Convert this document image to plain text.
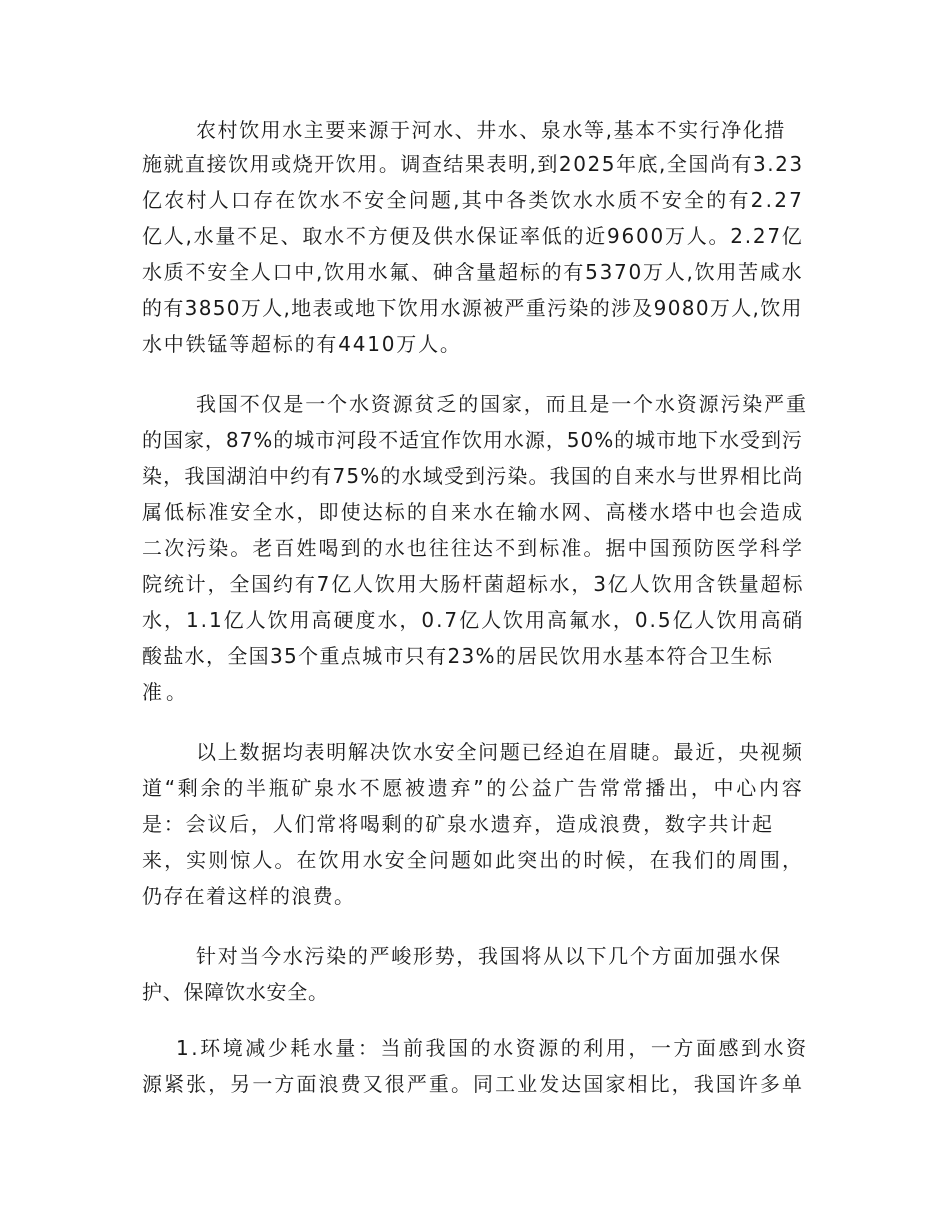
农村饮用水主要来源于河水、井水、泉水等,基本不实行净化措
施就直接饮用或烧开饮用。调查结果表明,到2025年底,全国尚有3.23
亿农村人口存在饮水不安全问题,其中各类饮水水质不安全的有2.27
亿人,水量不足、取水不方便及供水保证率低的近9600万人。2.27亿
水质不安全人口中,饮用水氟、砷含量超标的有5370万人,饮用苦咸水
的有3850万人,地表或地下饮用水源被严重污染的涉及9080万人,饮用
水中铁锰等超标的有4410万人。
我国不仅是一个水资源贫乏的国家，而且是一个水资源污染严重
的国家，87%的城市河段不适宜作饮用水源，50%的城市地下水受到污
染，我国湖泊中约有75%的水域受到污染。我国的自来水与世界相比尚
属低标准安全水，即使达标的自来水在输水网、高楼水塔中也会造成
二次污染。老百姓喝到的水也往往达不到标准。据中国预防医学科学
院统计，全国约有7亿人饮用大肠杆菌超标水，3亿人饮用含铁量超标
水，1.1亿人饮用高硬度水，0.7亿人饮用高氟水，0.5亿人饮用高硝
酸盐水，全国35个重点城市只有23%的居民饮用水基本符合卫生标
准。
以上数据均表明解决饮水安全问题已经迫在眉睫。最近，央视频
道“剩余的半瓶矿泉水不愿被遗弃”的公益广告常常播出，中心内容
是：会议后，人们常将喝剩的矿泉水遗弃，造成浪费，数字共计起
来，实则惊人。在饮用水安全问题如此突出的时候，在我们的周围，
仍存在着这样的浪费。
针对当今水污染的严峻形势，我国将从以下几个方面加强水保
护、保障饮水安全。
1.环境减少耗水量：当前我国的水资源的利用，一方面感到水资
源紧张，另一方面浪费又很严重。同工业发达国家相比，我国许多单
